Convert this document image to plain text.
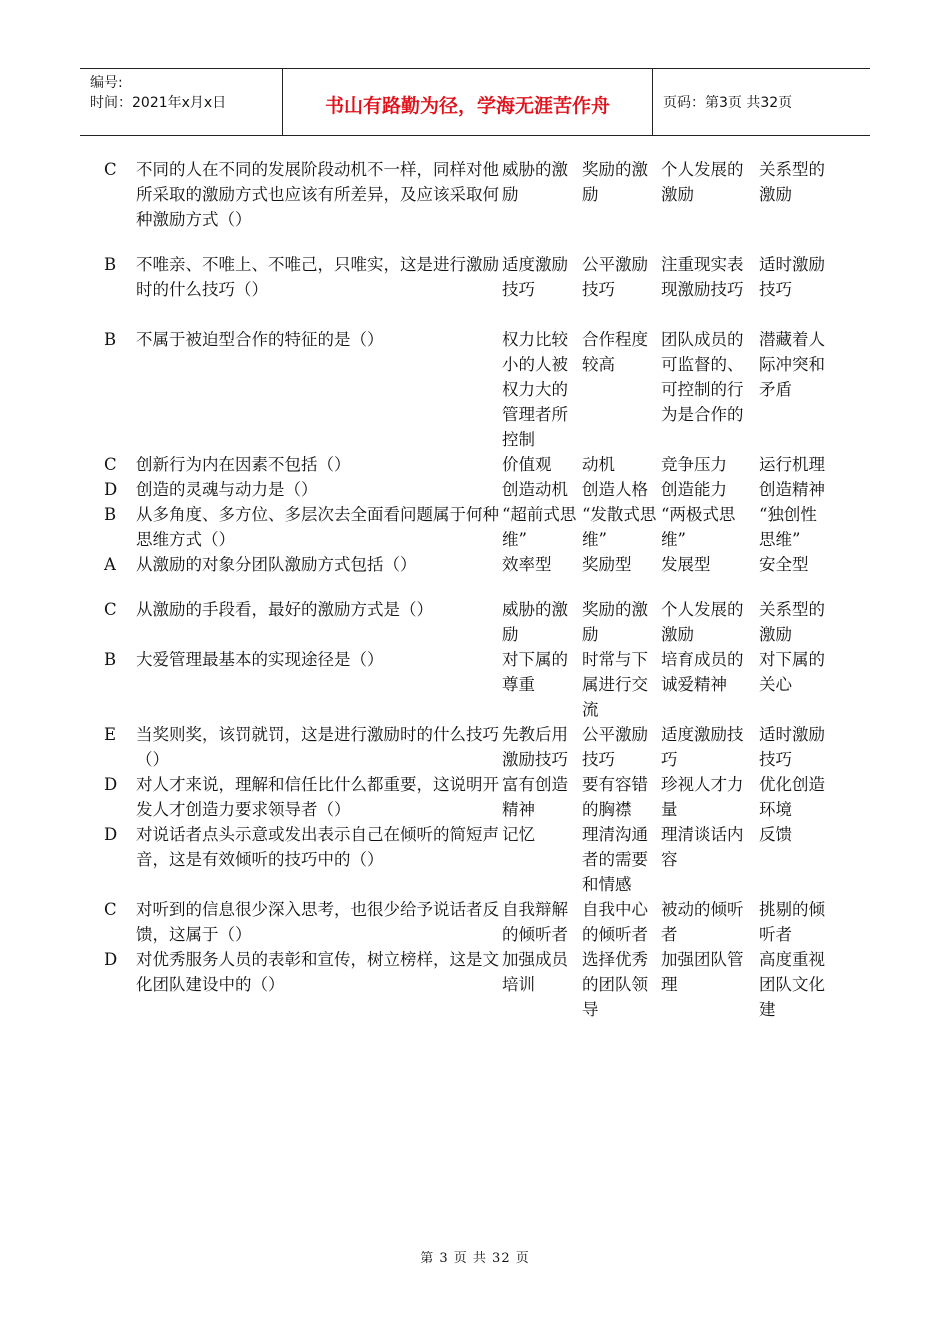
编号:
时间：2021年x月x日	书山有路勤为径，学海无涯苦作舟	页码：第3页 共32页
C	不同的人在不同的发展阶段动机不一样，同样对他所采取的激励方式也应该有所差异，及应该采取何种激励方式（）	威胁的激励	奖励的激励	个人发展的激励	关系型的激励
B	不唯亲、不唯上、不唯己，只唯实，这是进行激励时的什么技巧（）	适度激励技巧	公平激励技巧	注重现实表现激励技巧	适时激励技巧
B	不属于被迫型合作的特征的是（）	权力比较小的人被权力大的管理者所控制	合作程度较高	团队成员的可监督的、可控制的行为是合作的	潜藏着人际冲突和矛盾
C	创新行为内在因素不包括（）	价值观	动机	竞争压力	运行机理
D	创造的灵魂与动力是（）	创造动机	创造人格	创造能力	创造精神
B	从多角度、多方位、多层次去全面看问题属于何种思维方式（）	“超前式思维”	“发散式思维”	“两极式思维”	“独创性思维”
A	从激励的对象分团队激励方式包括（）	效率型	奖励型	发展型	安全型
C	从激励的手段看，最好的激励方式是（）	威胁的激励	奖励的激励	个人发展的激励	关系型的激励
B	大爱管理最基本的实现途径是（）	对下属的尊重	时常与下属进行交流	培育成员的诚爱精神	对下属的关心
E	当奖则奖，该罚就罚，这是进行激励时的什么技巧（）	先教后用激励技巧	公平激励技巧	适度激励技巧	适时激励技巧
D	对人才来说，理解和信任比什么都重要，这说明开发人才创造力要求领导者（）	富有创造精神	要有容错的胸襟	珍视人才力量	优化创造环境
D	对说话者点头示意或发出表示自己在倾听的简短声音，这是有效倾听的技巧中的（）	记忆	理清沟通者的需要和情感	理清谈话内容	反馈
C	对听到的信息很少深入思考，也很少给予说话者反馈，这属于（）	自我辩解的倾听者	自我中心的倾听者	被动的倾听者	挑剔的倾听者
D	对优秀服务人员的表彰和宣传，树立榜样，这是文化团队建设中的（）	加强成员培训	选择优秀的团队领导	加强团队管理	高度重视团队文化建
第 3 页 共 32 页
